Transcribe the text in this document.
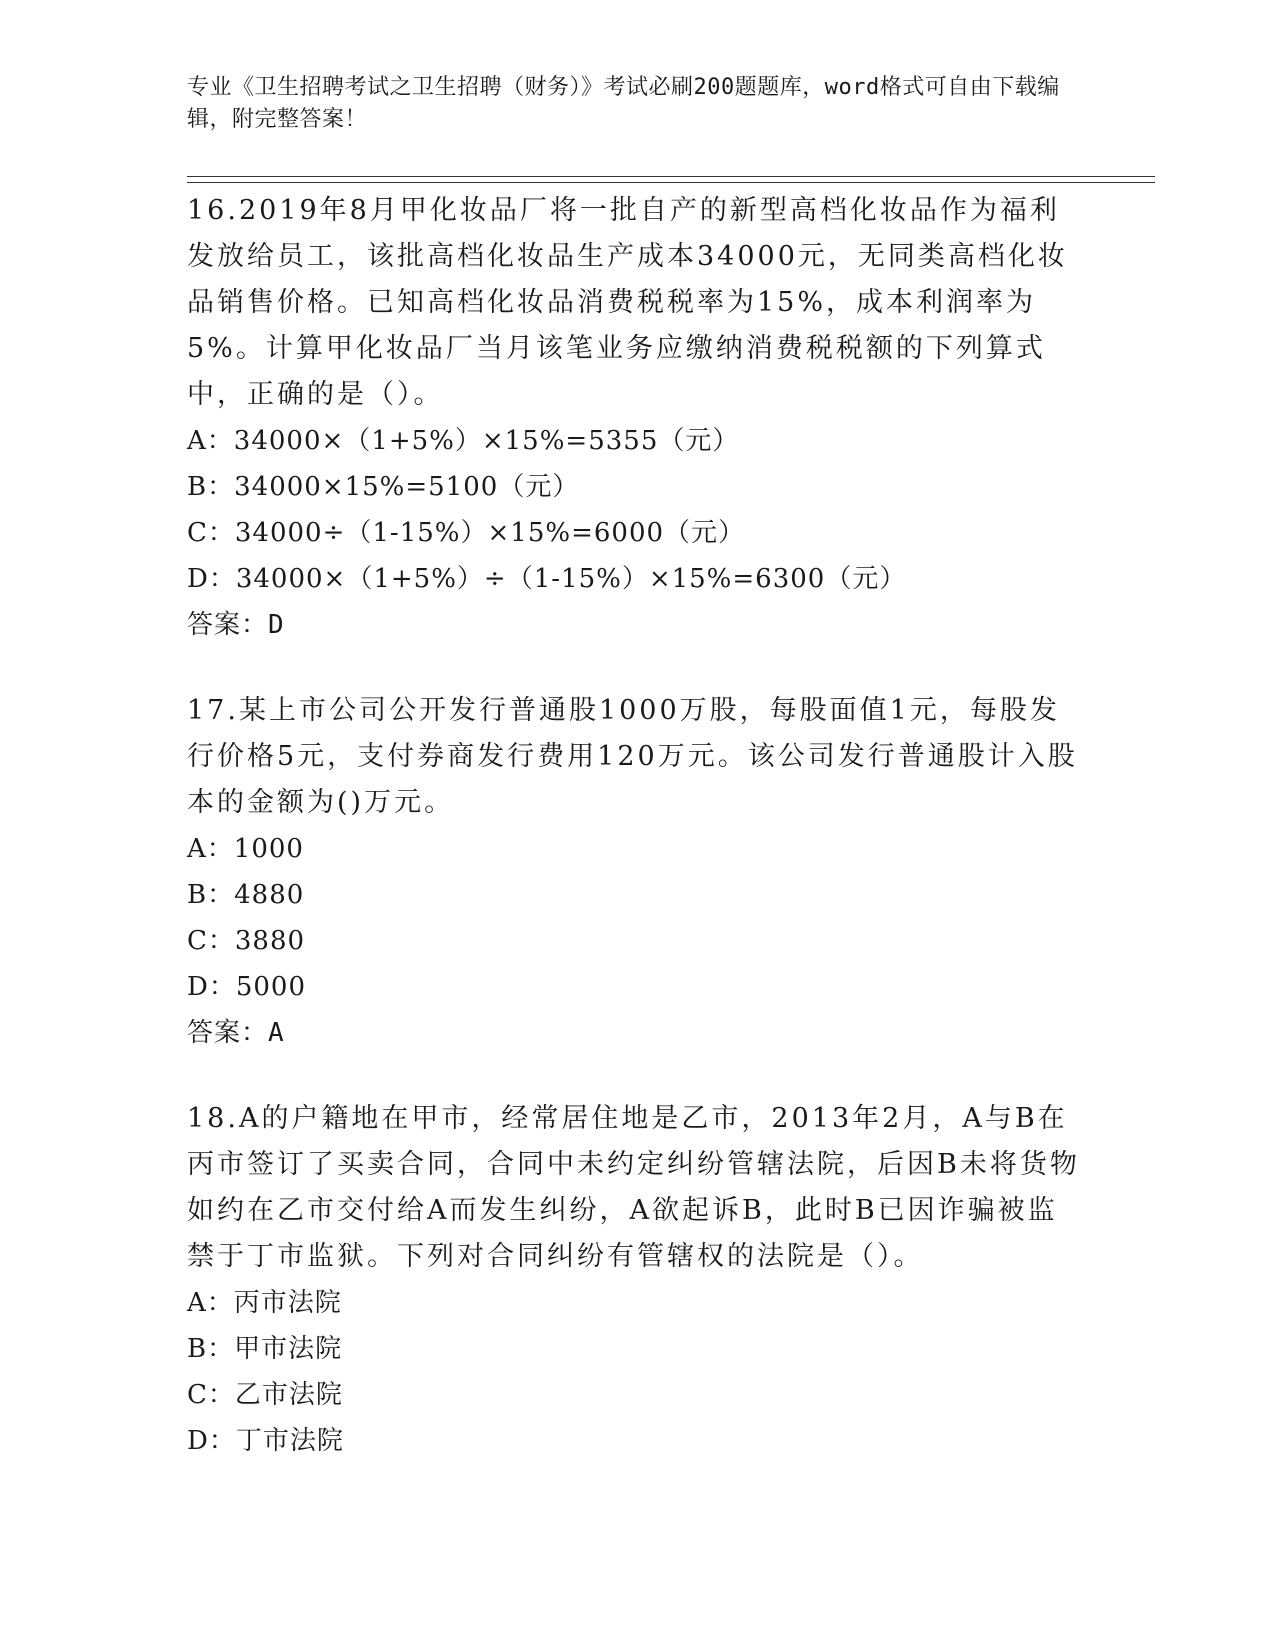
专业《卫生招聘考试之卫生招聘（财务）》考试必刷200题题库，word格式可自由下载编辑，附完整答案！

16.2019年8月甲化妆品厂将一批自产的新型高档化妆品作为福利发放给员工，该批高档化妆品生产成本34000元，无同类高档化妆品销售价格。已知高档化妆品消费税税率为15%，成本利润率为5%。计算甲化妆品厂当月该笔业务应缴纳消费税税额的下列算式中，正确的是（）。

A：34000×（1+5%）×15%=5355（元）
B：34000×15%=5100（元）
C：34000÷（1-15%）×15%=6000（元）
D：34000×（1+5%）÷（1-15%）×15%=6300（元）
答案：D

17.某上市公司公开发行普通股1000万股，每股面值1元，每股发行价格5元，支付券商发行费用120万元。该公司发行普通股计入股本的金额为()万元。

A：1000
B：4880
C：3880
D：5000
答案：A

18.A的户籍地在甲市，经常居住地是乙市，2013年2月，A与B在丙市签订了买卖合同，合同中未约定纠纷管辖法院，后因B未将货物如约在乙市交付给A而发生纠纷，A欲起诉B，此时B已因诈骗被监禁于丁市监狱。下列对合同纠纷有管辖权的法院是（）。

A：丙市法院
B：甲市法院
C：乙市法院
D：丁市法院
